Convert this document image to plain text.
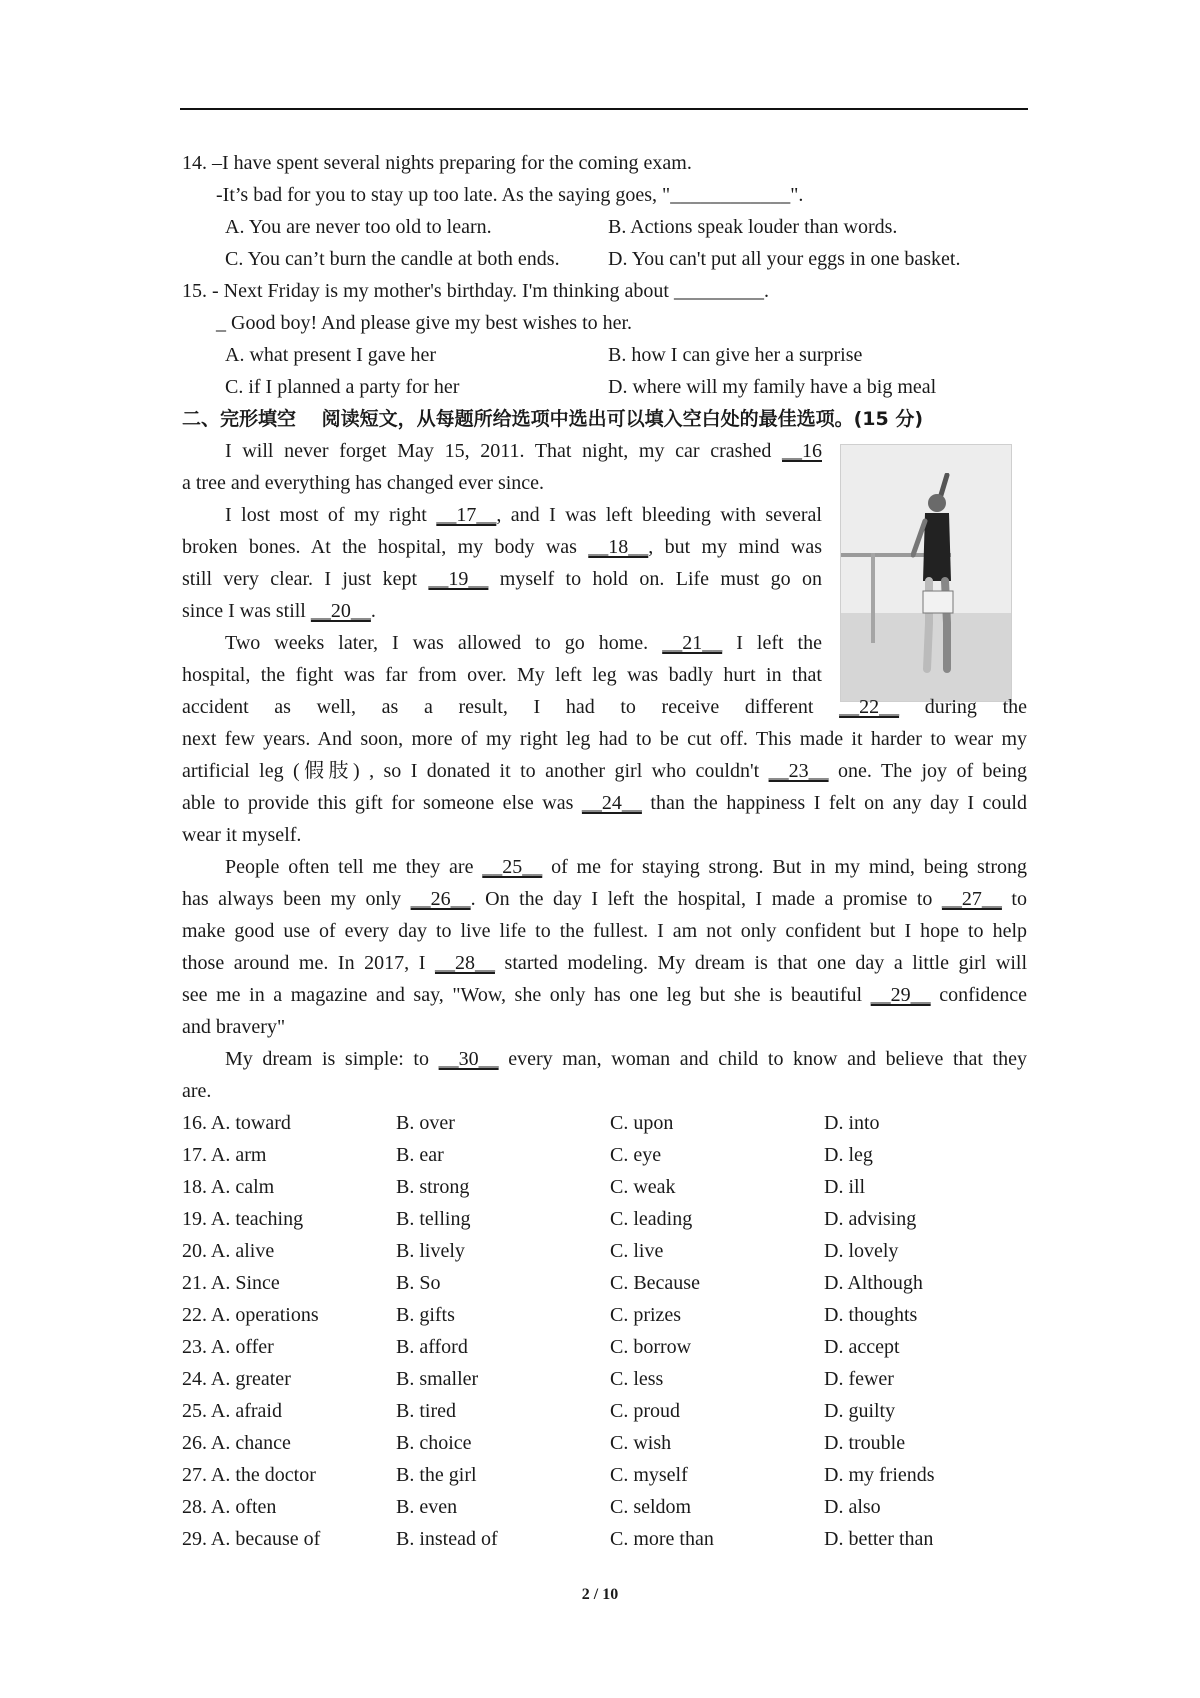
14. –I have spent several nights preparing for the coming exam.
-It’s bad for you to stay up too late. As the saying goes, "____________".
A. You are never too old to learn.	B. Actions speak louder than words.
C. You can’t burn the candle at both ends. D. You can't put all your eggs in one basket.
15. - Next Friday is my mother's birthday. I'm thinking about _________.
_ Good boy! And please give my best wishes to her.
A. what present I gave her	B. how I can give her a surprise
C. if I planned a party for her	D. where will my family have a big meal
二、完形填空　 阅读短文，从每题所给选项中选出可以填入空白处的最佳选项。(15 分)
I will never forget May 15, 2011. That night, my car crashed __16
a tree and everything has changed ever since.
I lost most of my right __17__, and I was left bleeding with several
broken bones. At the hospital, my body was __18__, but my mind was
still very clear. I just kept __19__ myself to hold on. Life must go on
since I was still __20__.
Two weeks later, I was allowed to go home. __21__ I left the
hospital, the fight was far from over. My left leg was badly hurt in that
accident as well, as a result, I had to receive different __22__ during the
next few years. And soon, more of my right leg had to be cut off. This made it harder to wear my
artificial leg (假肢) , so I donated it to another girl who couldn't __23__ one. The joy of being
able to provide this gift for someone else was __24__ than the happiness I felt on any day I could
wear it myself.
People often tell me they are __25__ of me for staying strong. But in my mind, being strong
has always been my only __26__. On the day I left the hospital, I made a promise to __27__ to
make good use of every day to live life to the fullest. I am not only confident but I hope to help
those around me. In 2017, I __28__ started modeling. My dream is that one day a little girl will
see me in a magazine and say, "Wow, she only has one leg but she is beautiful __29__ confidence
and bravery"
My dream is simple: to __30__ every man, woman and child to know and believe that they
are.
16. A. toward	B. over	C. upon	D. into
17. A. arm	B. ear	C. eye	D. leg
18. A. calm	B. strong	C. weak	D. ill
19. A. teaching	B. telling	C. leading	D. advising
20. A. alive	B. lively	C. live	D. lovely
21. A. Since	B. So	C. Because	D. Although
22. A. operations	B. gifts	C. prizes	D. thoughts
23. A. offer	B. afford	C. borrow	D. accept
24. A. greater	B. smaller	C. less	D. fewer
25. A. afraid	B. tired	C. proud	D. guilty
26. A. chance	B. choice	C. wish	D. trouble
27. A. the doctor	B. the girl	C. myself	D. my friends
28. A. often	B. even	C. seldom	D. also
29. A. because of	B. instead of	C. more than	D. better than
2 / 10
